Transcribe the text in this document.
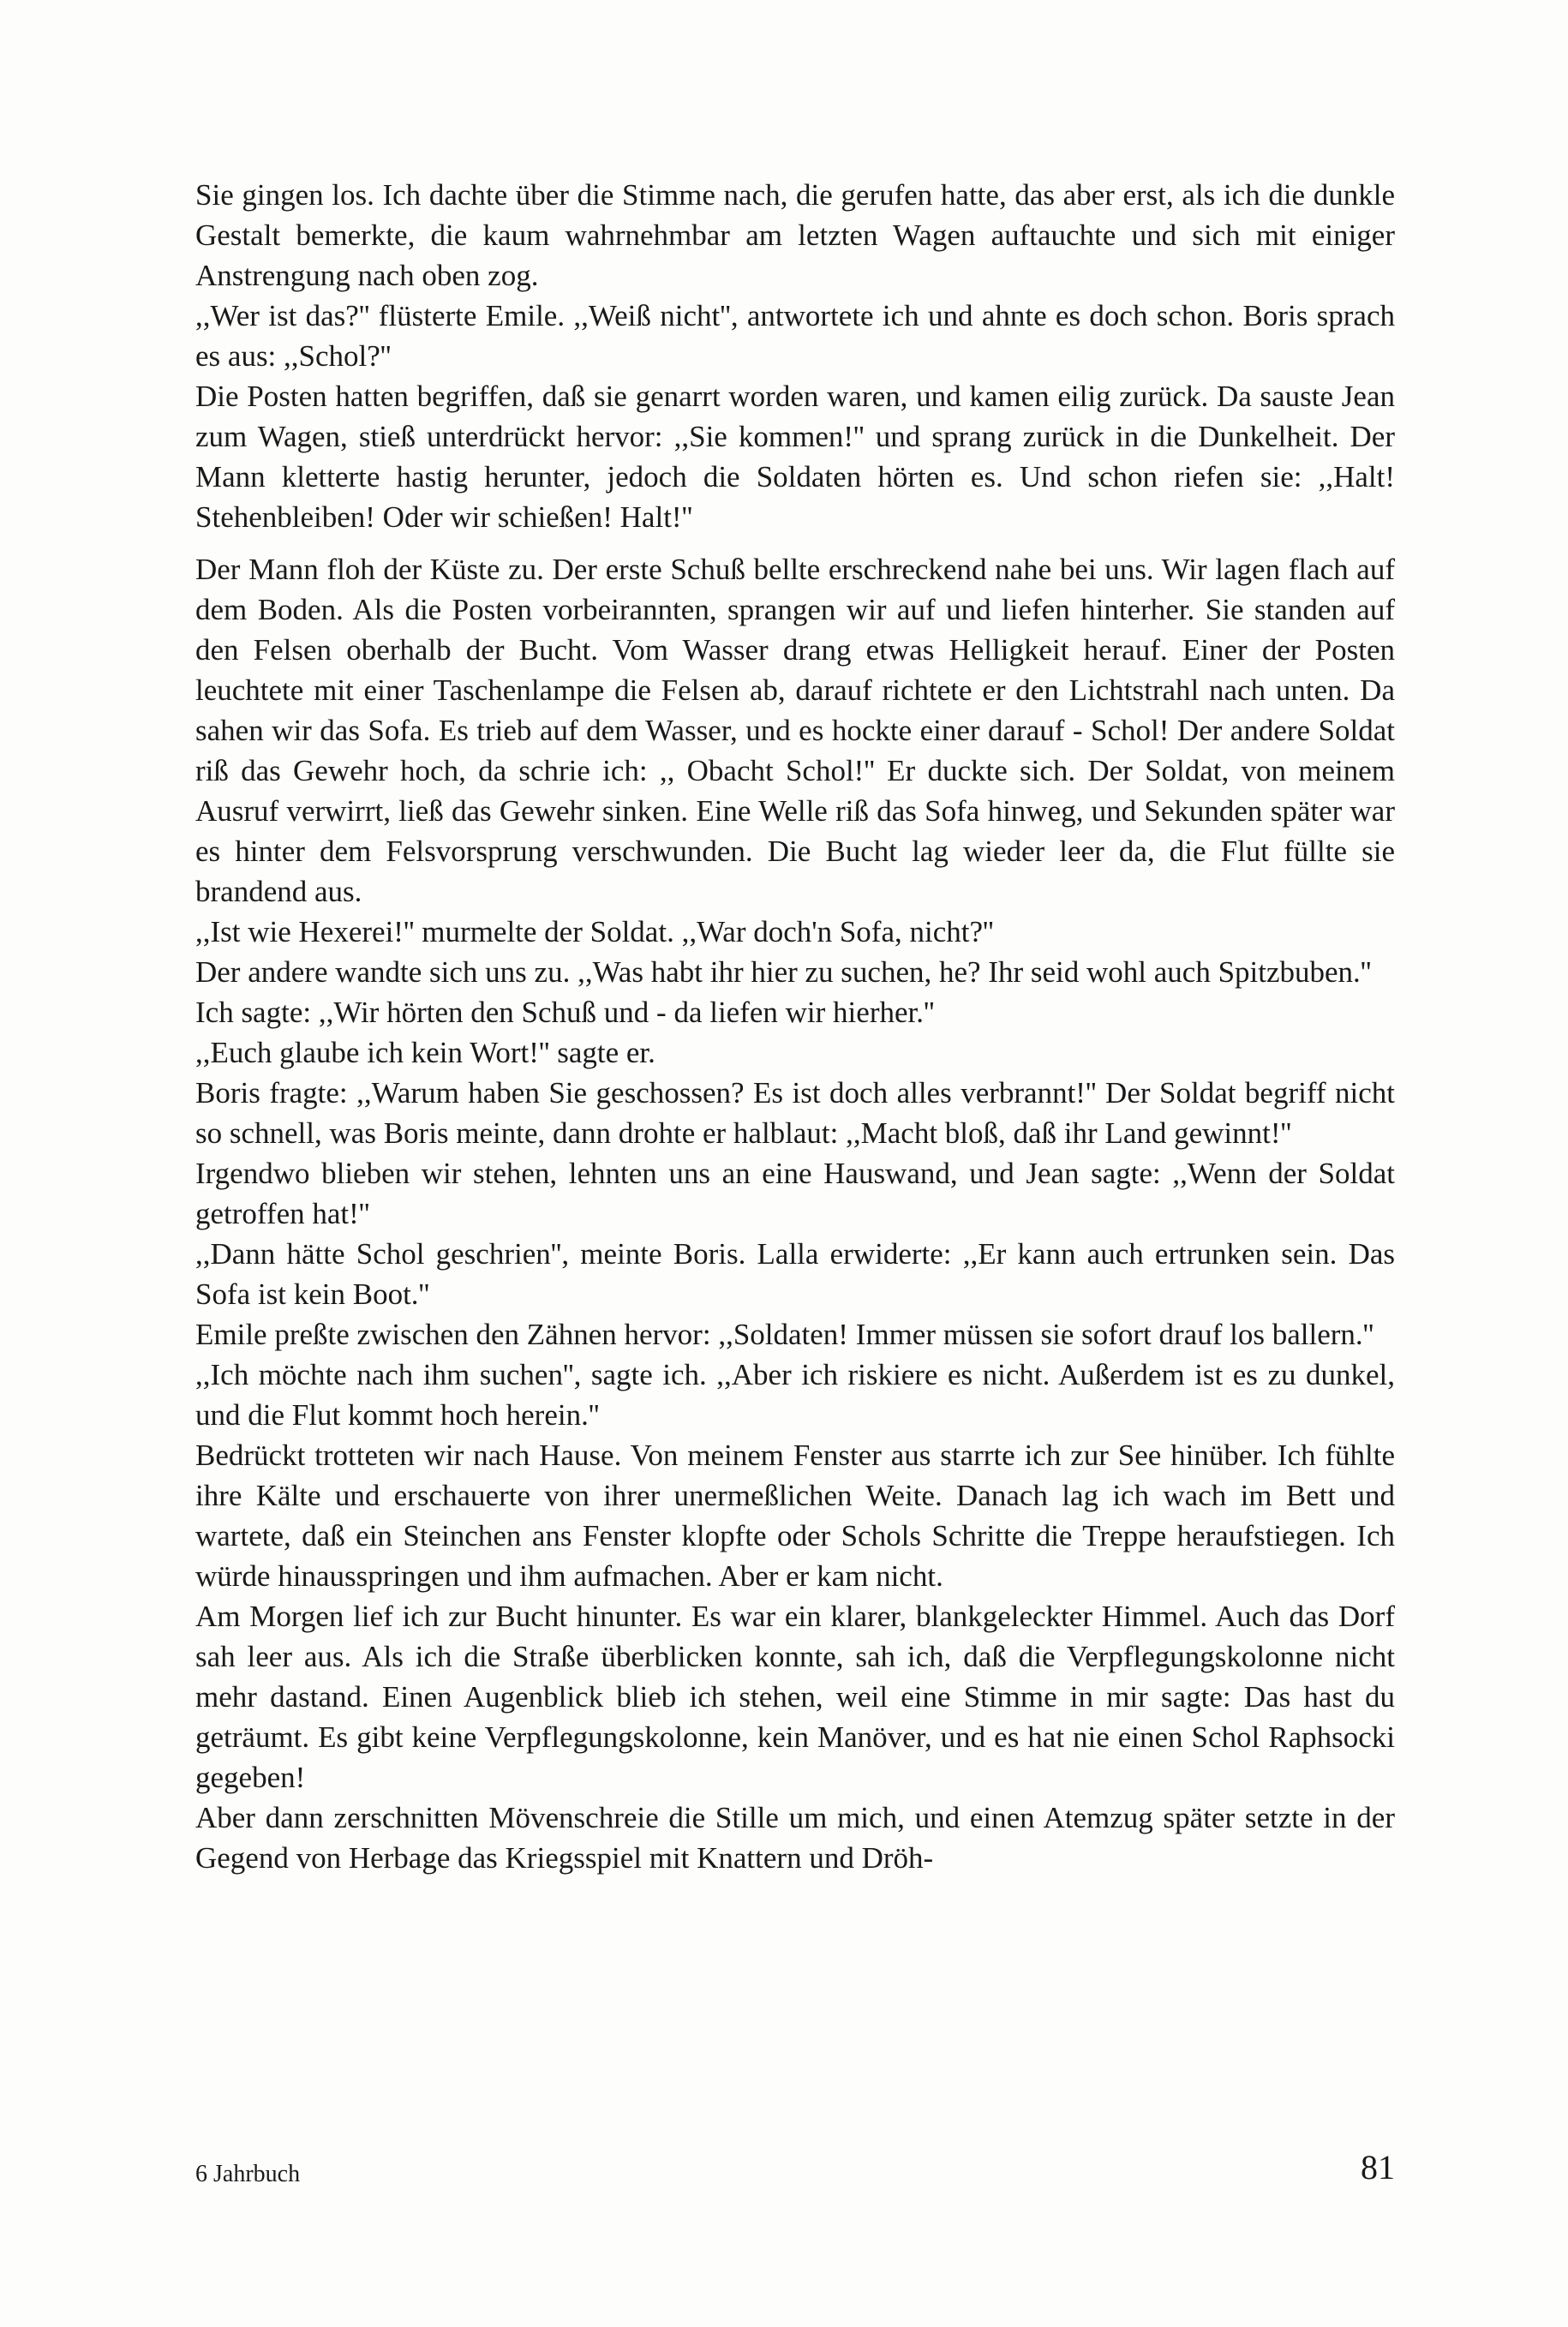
Sie gingen los. Ich dachte über die Stimme nach, die gerufen hatte, das aber erst, als ich die dunkle Gestalt bemerkte, die kaum wahrnehmbar am letzten Wagen auftauchte und sich mit einiger Anstrengung nach oben zog.

,,Wer ist das?'' flüsterte Emile. ,,Weiß nicht'', antwortete ich und ahnte es doch schon. Boris sprach es aus: ,,Schol?''

Die Posten hatten begriffen, daß sie genarrt worden waren, und kamen eilig zurück. Da sauste Jean zum Wagen, stieß unterdrückt hervor: ,,Sie kommen!'' und sprang zurück in die Dunkelheit. Der Mann kletterte hastig herunter, jedoch die Soldaten hörten es. Und schon riefen sie: ,,Halt! Stehenbleiben! Oder wir schießen! Halt!''

Der Mann floh der Küste zu. Der erste Schuß bellte erschreckend nahe bei uns. Wir lagen flach auf dem Boden. Als die Posten vorbeirannten, sprangen wir auf und liefen hinterher. Sie standen auf den Felsen oberhalb der Bucht. Vom Wasser drang etwas Helligkeit herauf. Einer der Posten leuchtete mit einer Taschenlampe die Felsen ab, darauf richtete er den Lichtstrahl nach unten. Da sahen wir das Sofa. Es trieb auf dem Wasser, und es hockte einer darauf - Schol! Der andere Soldat riß das Gewehr hoch, da schrie ich: ,, Obacht Schol!'' Er duckte sich. Der Soldat, von meinem Ausruf verwirrt, ließ das Gewehr sinken. Eine Welle riß das Sofa hinweg, und Sekunden später war es hinter dem Felsvorsprung verschwunden. Die Bucht lag wieder leer da, die Flut füllte sie brandend aus.

,,Ist wie Hexerei!'' murmelte der Soldat. ,,War doch'n Sofa, nicht?''

Der andere wandte sich uns zu. ,,Was habt ihr hier zu suchen, he? Ihr seid wohl auch Spitzbuben.''

Ich sagte: ,,Wir hörten den Schuß und - da liefen wir hierher.''

,,Euch glaube ich kein Wort!'' sagte er.

Boris fragte: ,,Warum haben Sie geschossen? Es ist doch alles verbrannt!'' Der Soldat begriff nicht so schnell, was Boris meinte, dann drohte er halblaut: ,,Macht bloß, daß ihr Land gewinnt!''

Irgendwo blieben wir stehen, lehnten uns an eine Hauswand, und Jean sagte: ,,Wenn der Soldat getroffen hat!''

,,Dann hätte Schol geschrien'', meinte Boris. Lalla erwiderte: ,,Er kann auch ertrunken sein. Das Sofa ist kein Boot.''

Emile preßte zwischen den Zähnen hervor: ,,Soldaten! Immer müssen sie sofort drauf los ballern.''

,,Ich möchte nach ihm suchen'', sagte ich. ,,Aber ich riskiere es nicht. Außerdem ist es zu dunkel, und die Flut kommt hoch herein.''

Bedrückt trotteten wir nach Hause. Von meinem Fenster aus starrte ich zur See hinüber. Ich fühlte ihre Kälte und erschauerte von ihrer unermeßlichen Weite. Danach lag ich wach im Bett und wartete, daß ein Steinchen ans Fenster klopfte oder Schols Schritte die Treppe heraufstiegen. Ich würde hinausspringen und ihm aufmachen. Aber er kam nicht.

Am Morgen lief ich zur Bucht hinunter. Es war ein klarer, blankgeleckter Himmel. Auch das Dorf sah leer aus. Als ich die Straße überblicken konnte, sah ich, daß die Verpflegungskolonne nicht mehr dastand. Einen Augenblick blieb ich stehen, weil eine Stimme in mir sagte: Das hast du geträumt. Es gibt keine Verpflegungskolonne, kein Manöver, und es hat nie einen Schol Raphsocki gegeben!

Aber dann zerschnitten Mövenschreie die Stille um mich, und einen Atemzug später setzte in der Gegend von Herbage das Kriegsspiel mit Knattern und Dröh-

6 Jahrbuch	81
